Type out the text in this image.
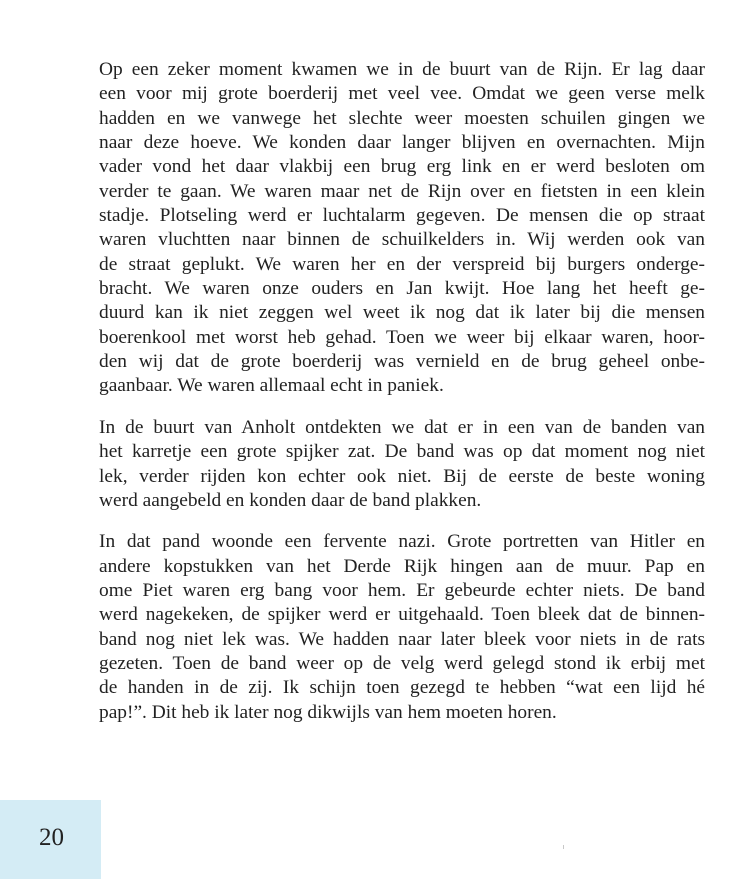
Op een zeker moment kwamen we in de buurt van de Rijn. Er lag daar
een voor mij grote boerderij met veel vee. Omdat we geen verse melk
hadden en we vanwege het slechte weer moesten schuilen gingen we
naar deze hoeve. We konden daar langer blijven en overnachten. Mijn
vader vond het daar vlakbij een brug erg link en er werd besloten om
verder te gaan. We waren maar net de Rijn over en fietsten in een klein
stadje. Plotseling werd er luchtalarm gegeven. De mensen die op straat
waren vluchtten naar binnen de schuilkelders in. Wij werden ook van
de straat geplukt. We waren her en der verspreid bij burgers onderge-
bracht. We waren onze ouders en Jan kwijt. Hoe lang het heeft ge-
duurd kan ik niet zeggen wel weet ik nog dat ik later bij die mensen
boerenkool met worst heb gehad. Toen we weer bij elkaar waren, hoor-
den wij dat de grote boerderij was vernield en de brug geheel onbe-
gaanbaar. We waren allemaal echt in paniek.

In de buurt van Anholt ontdekten we dat er in een van de banden van
het karretje een grote spijker zat. De band was op dat moment nog niet
lek, verder rijden kon echter ook niet. Bij de eerste de beste woning
werd aangebeld en konden daar de band plakken.

In dat pand woonde een fervente nazi. Grote portretten van Hitler en
andere kopstukken van het Derde Rijk hingen aan de muur. Pap en
ome Piet waren erg bang voor hem. Er gebeurde echter niets. De band
werd nagekeken, de spijker werd er uitgehaald. Toen bleek dat de binnen-
band nog niet lek was. We hadden naar later bleek voor niets in de rats
gezeten. Toen de band weer op de velg werd gelegd stond ik erbij met
de handen in de zij. Ik schijn toen gezegd te hebben “wat een lijd hé
pap!”. Dit heb ik later nog dikwijls van hem moeten horen.

20
